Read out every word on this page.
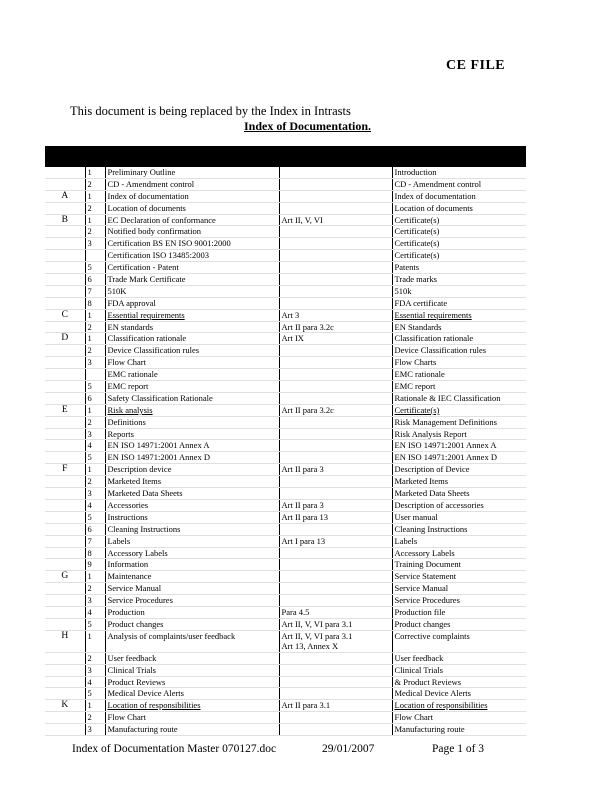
CE FILE
This document is being replaced by the Index in Intrasts
Index of Documentation.
	1	Preliminary Outline		Introduction
	2	CD - Amendment control		CD - Amendment control
A	1	Index of documentation		Index of documentation
	2	Location of documents		Location of documents
B	1	EC Declaration of conformance	Art II, V, VI	Certificate(s)
	2	Notified body confirmation		Certificate(s)
	3	Certification BS EN ISO 9001:2000		Certificate(s)
		Certification ISO 13485:2003		Certificate(s)
	5	Certification - Patent		Patents
	6	Trade Mark Certificate		Trade marks
	7	510K		510k
	8	FDA approval		FDA certificate
C	1	Essential requirements	Art 3	Essential requirements
	2	EN standards	Art II para 3.2c	EN Standards
D	1	Classification rationale	Art IX	Classification rationale
	2	Device Classification rules		Device Classification rules
	3	Flow Chart		Flow Charts
		EMC rationale		EMC rationale
	5	EMC report		EMC report
	6	Safety Classification Rationale		Rationale & IEC Classification
E	1	Risk analysis	Art II para 3.2c	Certificate(s)
	2	Definitions		Risk Management Definitions
	3	Reports		Risk Analysis Report
	4	EN ISO 14971:2001 Annex A		EN ISO 14971:2001 Annex A
	5	EN ISO 14971:2001 Annex D		EN ISO 14971:2001 Annex D
F	1	Description device	Art II para 3	Description of Device
	2	Marketed Items		Marketed Items
	3	Marketed Data Sheets		Marketed Data Sheets
	4	Accessories	Art II para 3	Description of accessories
	5	Instructions	Art II para 13	User manual
	6	Cleaning Instructions		Cleaning Instructions
	7	Labels	Art I para 13	Labels
	8	Accessory Labels		Accessory Labels
	9	Information		Training Document
G	1	Maintenance		Service Statement
	2	Service Manual		Service Manual
	3	Service Procedures		Service Procedures
	4	Production	Para 4.5	Production file
	5	Product changes	Art II, V, VI para 3.1	Product changes
H	1	Analysis of complaints/user feedback	Art II, V, VI para 3.1
Art 13, Annex X	Corrective complaints
	2	User feedback		User feedback
	3	Clinical Trials		Clinical Trials
	4	Product Reviews		& Product Reviews
	5	Medical Device Alerts		Medical Device Alerts
K	1	Location of responsibilities	Art II para 3.1	Location of responsibilities
	2	Flow Chart		Flow Chart
	3	Manufacturing route		Manufacturing route
Index of Documentation Master 070127.doc	29/01/2007	Page 1 of 3
